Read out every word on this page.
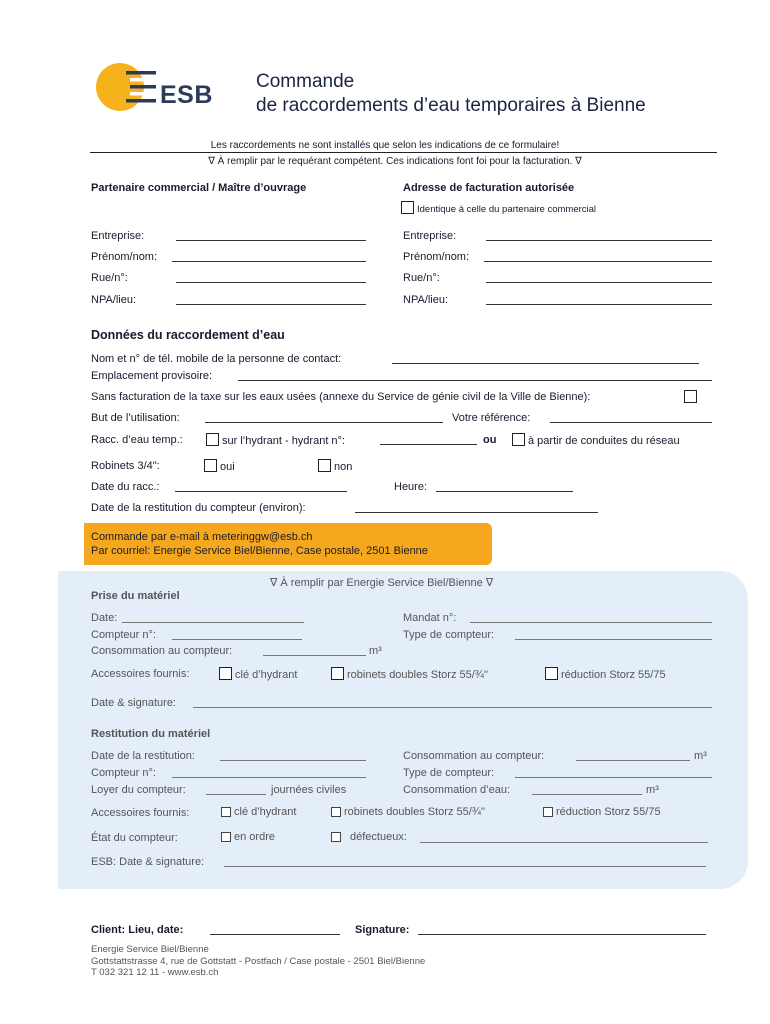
ESB Commande
de raccordements d’eau temporaires à Bienne
Les raccordements ne sont installés que selon les indications de ce formulaire!
∇ À remplir par le requérant compétent. Ces indications font foi pour la facturation. ∇
Partenaire commercial / Maître d’ouvrage
Entreprise:
Prénom/nom:
Rue/n°:
NPA/lieu:
Adresse de facturation autorisée
Identique à celle du partenaire commercial
Entreprise:
Prénom/nom:
Rue/n°:
NPA/lieu:
Données du raccordement d’eau
Nom et n° de tél. mobile de la personne de contact:
Emplacement provisoire:
Sans facturation de la taxe sur les eaux usées (annexe du Service de génie civil de la Ville de Bienne):
But de l’utilisation:	Votre référence:
Racc. d’eau temp.:	sur l’hydrant - hydrant n°:	ou	à partir de conduites du réseau
Robinets 3/4":	oui	non
Date du racc.:	Heure:
Date de la restitution du compteur (environ):
Commande par e-mail à meteringgw@esb.ch
Par courriel: Energie Service Biel/Bienne, Case postale, 2501 Bienne
∇ À remplir par Energie Service Biel/Bienne ∇
Prise du matériel
Date:	Mandat n°:
Compteur n°:	Type de compteur:
Consommation au compteur:	m³
Accessoires fournis:	clé d’hydrant	robinets doubles Storz 55/¾"	réduction Storz 55/75
Date & signature:
Restitution du matériel
Date de la restitution:	Consommation au compteur:	m³
Compteur n°:	Type de compteur:
Loyer du compteur:	journées civiles	Consommation d’eau:	m³
Accessoires fournis:	clé d’hydrant	robinets doubles Storz 55/¾"	réduction Storz 55/75
État du compteur:	en ordre	défectueux:
ESB: Date & signature:
Client: Lieu, date:	Signature:
Energie Service Biel/Bienne
Gottstattstrasse 4, rue de Gottstatt - Postfach / Case postale - 2501 Biel/Bienne
T 032 321 12 11 - www.esb.ch
